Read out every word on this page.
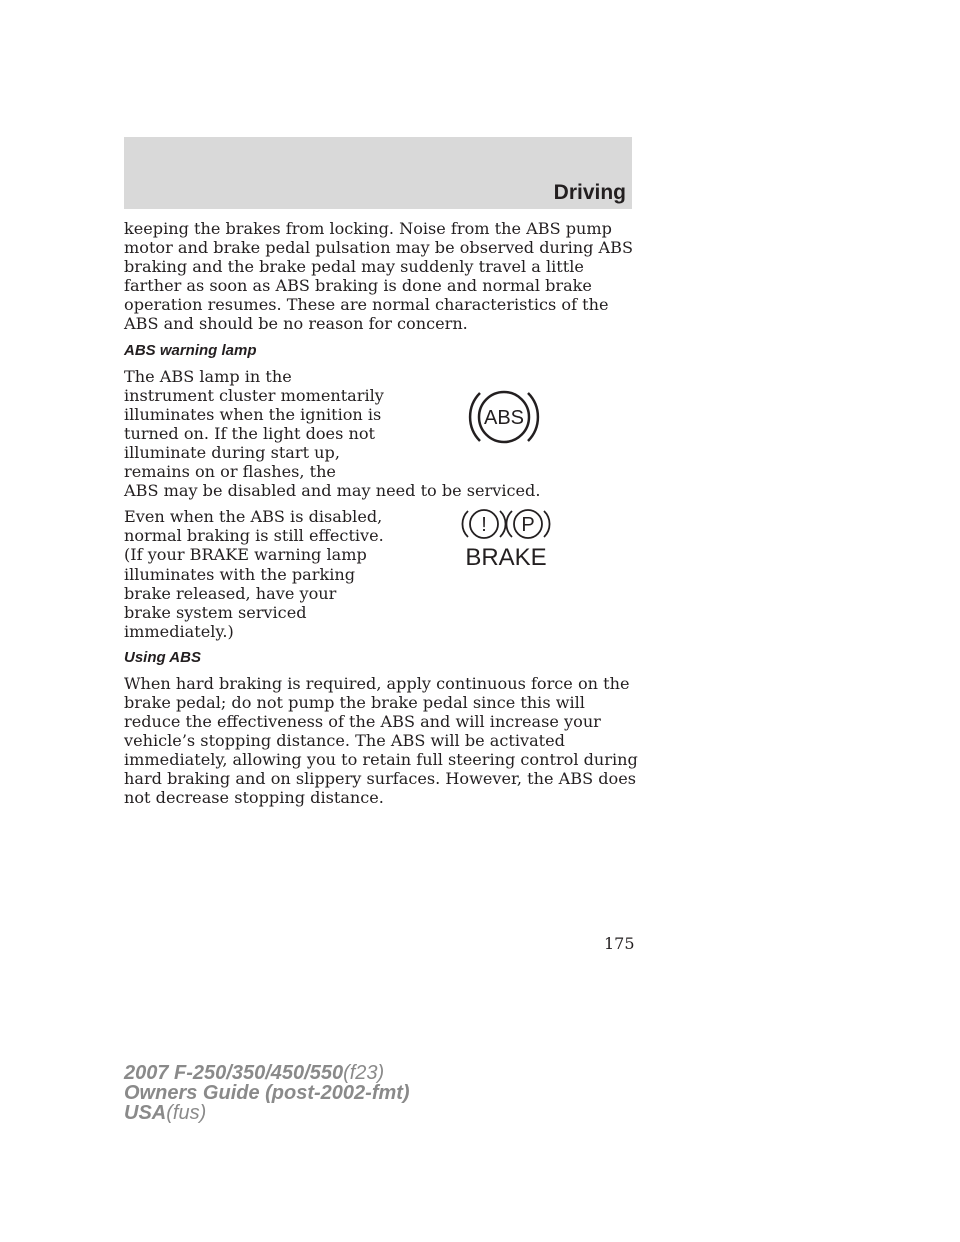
Driving

keeping the brakes from locking. Noise from the ABS pump motor and brake pedal pulsation may be observed during ABS braking and the brake pedal may suddenly travel a little farther as soon as ABS braking is done and normal brake operation resumes. These are normal characteristics of the ABS and should be no reason for concern.

ABS warning lamp

The ABS lamp in the instrument cluster momentarily illuminates when the ignition is turned on. If the light does not illuminate during start up, remains on or flashes, the

ABS may be disabled and may need to be serviced.

ABS

Even when the ABS is disabled, normal braking is still effective. (If your BRAKE warning lamp illuminates with the parking brake released, have your brake system serviced immediately.)

! P
BRAKE
Using ABS

When hard braking is required, apply continuous force on the brake pedal; do not pump the brake pedal since this will reduce the effectiveness of the ABS and will increase your vehicle’s stopping distance. The ABS will be activated immediately, allowing you to retain full steering control during hard braking and on slippery surfaces. However, the ABS does not decrease stopping distance.

175
2007 F-250/350/450/550(f23)
Owners Guide (post-2002-fmt)
USA(fus)
